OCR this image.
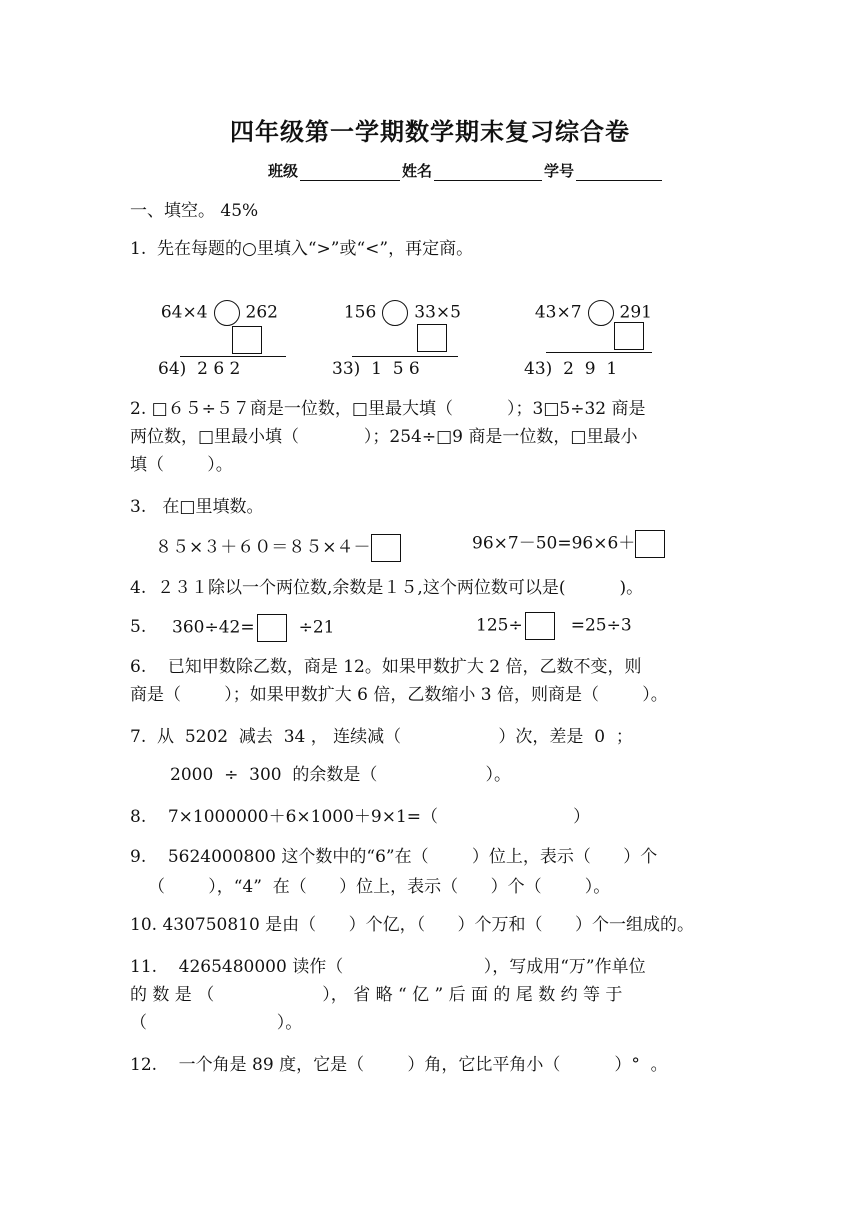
四年级第一学期数学期末复习综合卷
班级	姓名	学号
一、填空。 45%
1.  先在每题的○里填入“>”或“<”，再定商。

64×4 262	156 33×5	43×7 291

64)  2 6 2	33)  1  5 6	43)  2  9  1
2. □６５÷５７商是一位数，□里最大填（          ）；3□5÷32 商是
两位数，□里最小填（            ）；254÷□9 商是一位数，□里最小
填（        ）。
3.   在□里填数。
８５×３＋６０＝８５×４－	96×7－50=96×6＋
4.  ２３１除以一个两位数,余数是１５,这个两位数可以是(          )。
5. 360÷42=	÷21	125÷	=25÷3
6.    已知甲数除乙数，商是 12。如果甲数扩大 2 倍，乙数不变，则
商是（        ）；如果甲数扩大 6 倍，乙数缩小 3 倍，则商是（        ）。
7.  从  5202  减去  34 ， 连续减（                  ）次，差是  0  ；
2000  ÷  300  的余数是（                    ）。
8.    7×1000000＋6×1000＋9×1=（                         ）
9.    5624000800 这个数中的“6”在（        ）位上，表示（      ）个
（        ），“4”  在（      ）位上，表示（      ）个（        ）。
10. 430750810 是由（      ）个亿，（      ）个万和（      ）个一组成的。
11.    4265480000 读作（                          ），写成用“万”作单位
的 数 是 （                    ）， 省 略 “ 亿 ” 后 面 的 尾 数 约 等 于
（                        ）。
12.    一个角是 89 度，它是（        ）角，它比平角小（          ）°  。
